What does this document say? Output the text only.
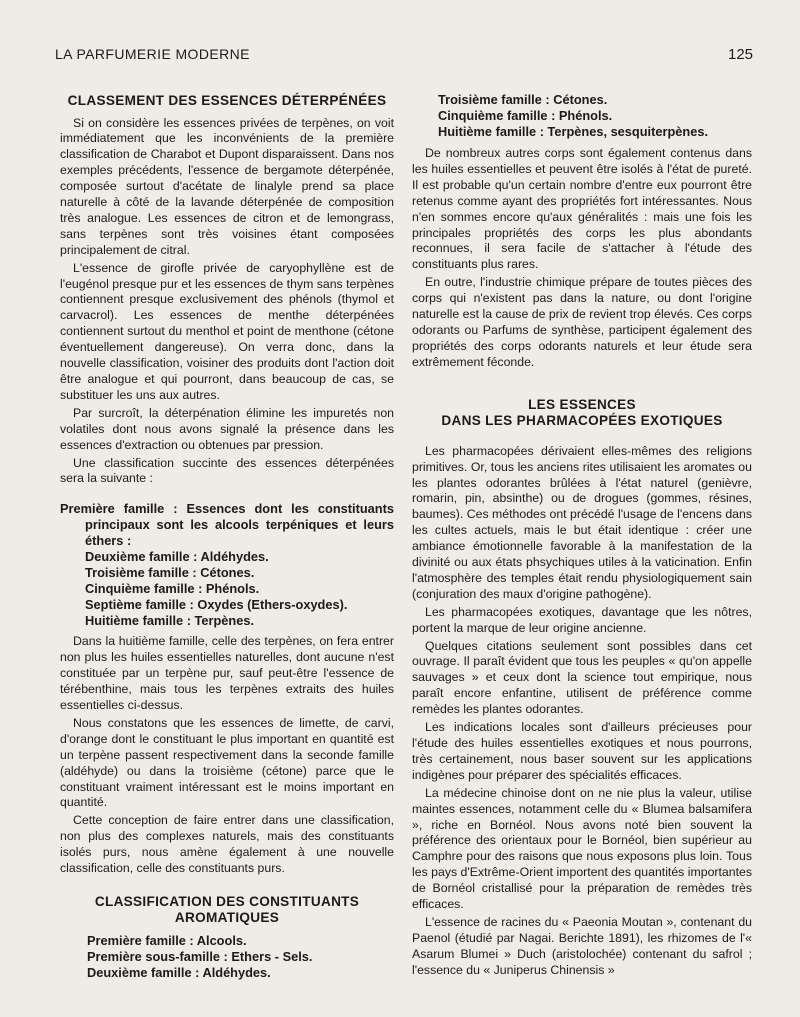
LA PARFUMERIE MODERNE	125
CLASSEMENT DES ESSENCES DÉTERPÉNÉES

Si on considère les essences privées de terpènes, on voit immédiatement que les inconvénients de la première classification de Charabot et Dupont disparaissent. Dans nos exemples précédents, l'essence de bergamote déterpénée, composée surtout d'acétate de linalyle prend sa place naturelle à côté de la lavande déterpénée de composition très analogue. Les essences de citron et de lemongrass, sans terpènes sont très voisines étant composées principalement de citral.

L'essence de girofle privée de caryophyllène est de l'eugénol presque pur et les essences de thym sans terpènes contiennent presque exclusivement des phénols (thymol et carvacrol). Les essences de menthe déterpénées contiennent surtout du menthol et point de menthone (cétone éventuellement dangereuse). On verra donc, dans la nouvelle classification, voisiner des produits dont l'action doit être analogue et qui pourront, dans beaucoup de cas, se substituer les uns aux autres.

Par surcroît, la déterpénation élimine les impuretés non volatiles dont nous avons signalé la présence dans les essences d'extraction ou obtenues par pression.

Une classification succinte des essences déterpénées sera la suivante :

Première famille : Essences dont les constituants principaux sont les alcools terpéniques et leurs éthers :
Deuxième famille : Aldéhydes.
Troisième famille : Cétones.
Cinquième famille : Phénols.
Septième famille : Oxydes (Ethers-oxydes).
Huitième famille : Terpènes.

Dans la huitième famille, celle des terpènes, on fera entrer non plus les huiles essentielles naturelles, dont aucune n'est constituée par un terpène pur, sauf peut-être l'essence de térébenthine, mais tous les terpènes extraits des huiles essentielles ci-dessus.

Nous constatons que les essences de limette, de carvi, d'orange dont le constituant le plus important en quantité est un terpène passent respectivement dans la seconde famille (aldéhyde) ou dans la troisième (cétone) parce que le constituant vraiment intéressant est le moins important en quantité.

Cette conception de faire entrer dans une classification, non plus des complexes naturels, mais des constituants isolés purs, nous amène également à une nouvelle classification, celle des constituants purs.

CLASSIFICATION DES CONSTITUANTS AROMATIQUES
Première famille : Alcools.
Première sous-famille : Ethers - Sels.
Deuxième famille : Aldéhydes.
Troisième famille : Cétones.
Cinquième famille : Phénols.
Huitième famille : Terpènes, sesquiterpènes.

De nombreux autres corps sont également contenus dans les huiles essentielles et peuvent être isolés à l'état de pureté. Il est probable qu'un certain nombre d'entre eux pourront être retenus comme ayant des propriétés fort intéressantes. Nous n'en sommes encore qu'aux généralités : mais une fois les principales propriétés des corps les plus abondants reconnues, il sera facile de s'attacher à l'étude des constituants plus rares.

En outre, l'industrie chimique prépare de toutes pièces des corps qui n'existent pas dans la nature, ou dont l'origine naturelle est la cause de prix de revient trop élevés. Ces corps odorants ou Parfums de synthèse, participent également des propriétés des corps odorants naturels et leur étude sera extrêmement féconde.

LES ESSENCES
DANS LES PHARMACOPÉES EXOTIQUES

Les pharmacopées dérivaient elles-mêmes des religions primitives. Or, tous les anciens rites utilisaient les aromates ou les plantes odorantes brûlées à l'état naturel (genièvre, romarin, pin, absinthe) ou de drogues (gommes, résines, baumes). Ces méthodes ont précédé l'usage de l'encens dans les cultes actuels, mais le but était identique : créer une ambiance émotionnelle favorable à la manifestation de la divinité ou aux états phsychiques utiles à la vaticination. Enfin l'atmosphère des temples était rendu physiologiquement sain (conjuration des maux d'origine pathogène).

Les pharmacopées exotiques, davantage que les nôtres, portent la marque de leur origine ancienne.

Quelques citations seulement sont possibles dans cet ouvrage. Il paraît évident que tous les peuples « qu'on appelle sauvages » et ceux dont la science tout empirique, nous paraît encore enfantine, utilisent de préférence comme remèdes les plantes odorantes.

Les indications locales sont d'ailleurs précieuses pour l'étude des huiles essentielles exotiques et nous pourrons, très certainement, nous baser souvent sur les applications indigènes pour préparer des spécialités efficaces.

La médecine chinoise dont on ne nie plus la valeur, utilise maintes essences, notamment celle du « Blumea balsamifera », riche en Bornéol. Nous avons noté bien souvent la préférence des orientaux pour le Bornéol, bien supérieur au Camphre pour des raisons que nous exposons plus loin. Tous les pays d'Extrême-Orient importent des quantités importantes de Bornéol cristallisé pour la préparation de remèdes très efficaces.

L'essence de racines du « Paeonia Moutan », contenant du Paenol (étudié par Nagai. Berichte 1891), les rhizomes de l'« Asarum Blumei » Duch (aristolochée) contenant du safrol ; l'essence du « Juniperus Chinensis »
